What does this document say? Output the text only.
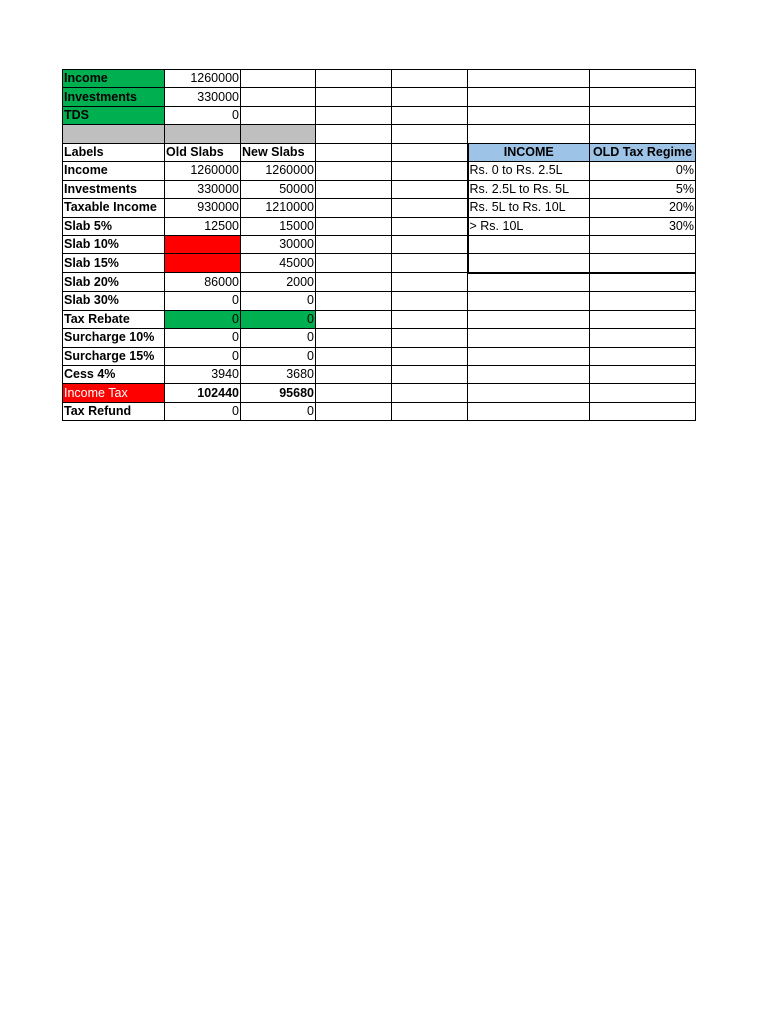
Income	1260000					
Investments	330000					
TDS	0					

Labels	Old Slabs	New Slabs			INCOME	OLD Tax Regime
Income	1260000	1260000			Rs. 0 to Rs. 2.5L	0%
Investments	330000	50000			Rs. 2.5L to Rs. 5L	5%
Taxable Income	930000	1210000			Rs. 5L to Rs. 10L	20%
Slab 5%	12500	15000			> Rs. 10L	30%
Slab 10%		30000				
Slab 15%		45000				
Slab 20%	86000	2000				
Slab 30%	0	0				
Tax Rebate	0	0				
Surcharge 10%	0	0				
Surcharge 15%	0	0				
Cess 4%	3940	3680				
Income Tax	102440	95680				
Tax Refund	0	0				
